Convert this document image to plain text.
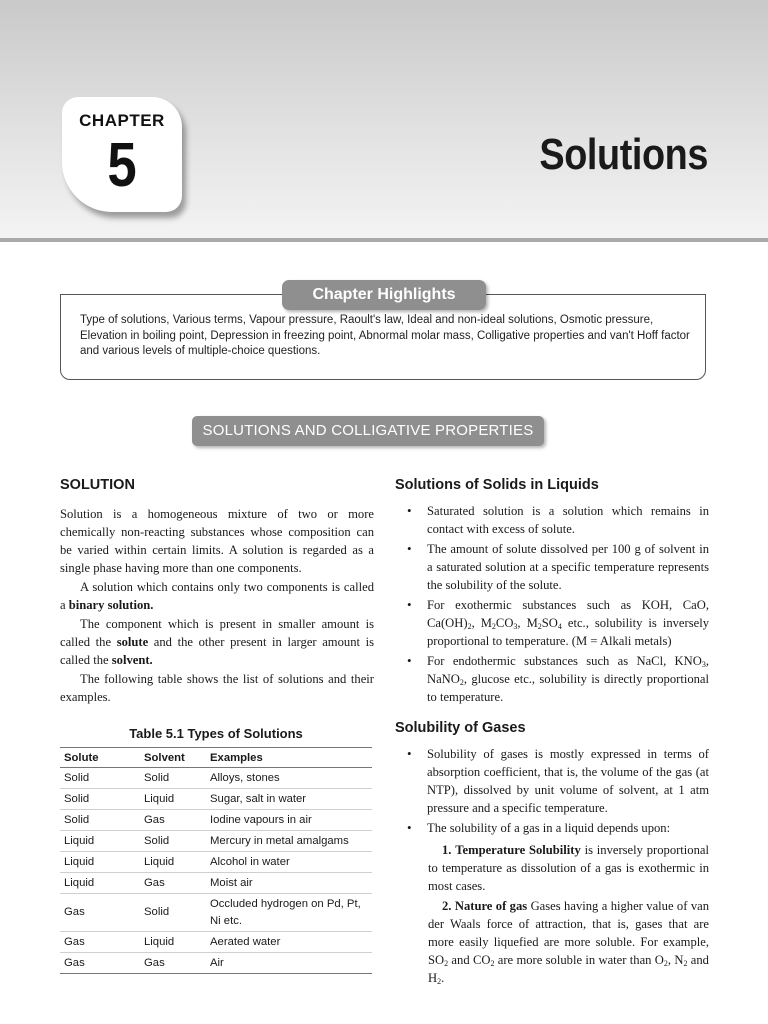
CHAPTER
5	Solutions
Chapter Highlights
Type of solutions, Various terms, Vapour pressure, Raoult's law, Ideal and non-ideal solutions, Osmotic pressure, Elevation in boiling point, Depression in freezing point, Abnormal molar mass, Colligative properties and van't Hoff factor and various levels of multiple-choice questions.
SOLUTIONS AND COLLIGATIVE PROPERTIES
SOLUTION

Solution is a homogeneous mixture of two or more chemically non-reacting substances whose composition can be varied within certain limits. A solution is regarded as a single phase having more than one components.

A solution which contains only two components is called a binary solution.

The component which is present in smaller amount is called the solute and the other present in larger amount is called the solvent.

The following table shows the list of solutions and their examples.

Table 5.1 Types of Solutions
Solute	Solvent	Examples
Solid	Solid	Alloys, stones
Solid	Liquid	Sugar, salt in water
Solid	Gas	Iodine vapours in air
Liquid	Solid	Mercury in metal amalgams
Liquid	Liquid	Alcohol in water
Liquid	Gas	Moist air
Gas	Solid	Occluded hydrogen on Pd, Pt, Ni etc.
Gas	Liquid	Aerated water
Gas	Gas	Air
Solutions of Solids in Liquids
• Saturated solution is a solution which remains in contact with excess of solute.
• The amount of solute dissolved per 100 g of solvent in a saturated solution at a specific temperature represents the solubility of the solute.
• For exothermic substances such as KOH, CaO, $Ca(OH)_2$, $M_2CO_3$, $M_2SO_4$ etc., solubility is inversely proportional to temperature. (M = Alkali metals)
• For endothermic substances such as NaCl, $KNO_3$, NaNO$_2$, glucose etc., solubility is directly proportional to temperature.
Solubility of Gases
• Solubility of gases is mostly expressed in terms of absorption coefficient, that is, the volume of the gas (at NTP), dissolved by unit volume of solvent, at 1 atm pressure and a specific temperature.
• The solubility of a gas in a liquid depends upon:
1. Temperature Solubility is inversely proportional to temperature as dissolution of a gas is exothermic in most cases.
2. Nature of gas Gases having a higher value of van der Waals force of attraction, that is, gases that are more easily liquefied are more soluble. For example, $SO_2$ and $CO_2$ are more soluble in water than $O_2$, $N_2$ and $H_2$.
